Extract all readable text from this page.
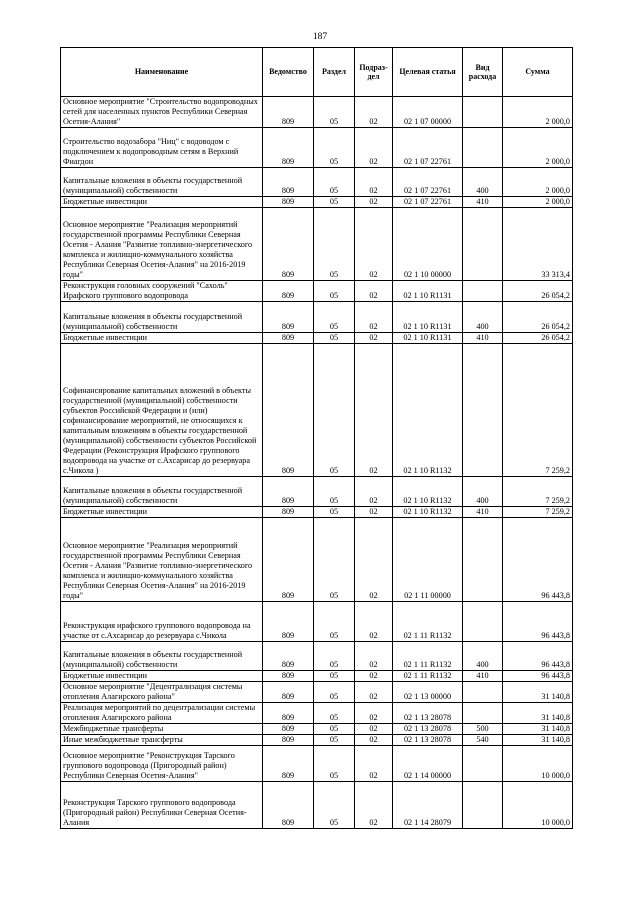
187
Наименование	Ведомство	Раздел	Подраз-дел	Целевая статья	Вид расхода	Сумма
Основное мероприятие "Строительство водопроводных сетей для населенных пунктов Республики Северная Осетия-Алания"	809	05	02	02 1 07 00000		2 000,0
Строительство водозабора "Ниц" с водоводом с подключением к водопроводным сетям в Верхний Фиагдон	809	05	02	02 1 07 22761		2 000,0
Капитальные вложения в объекты государственной (муниципальной) собственности	809	05	02	02 1 07 22761	400	2 000,0
Бюджетные инвестиции	809	05	02	02 1 07 22761	410	2 000,0
Основное мероприятие "Реализация мероприятий государственной программы Республики Северная Осетия - Алания "Развитие топливно-энергетического комплекса и жилищно-коммунального хозяйства Республики Северная Осетия-Алания" на 2016-2019 годы"	809	05	02	02 1 10 00000		33 313,4
Реконструкция головных сооружений "Сахоль" Ирафского группового водопровода	809	05	02	02 1 10 R1131		26 054,2
Капитальные вложения в объекты государственной (муниципальной) собственности	809	05	02	02 1 10 R1131	400	26 054,2
Бюджетные инвестиции	809	05	02	02 1 10 R1131	410	26 054,2
Софинансирование капитальных вложений в объекты государственной (муниципальной) собственности субъектов Российской Федерации и (или) софинансирование мероприятий, не относящихся к капитальным вложениям в объекты государственной (муниципальной) собственности субъектов Российской Федерации (Реконструкция Ирафского группового водопровода на участке от с.Ахсарисар до резервуара с.Чикола )	809	05	02	02 1 10 R1132		7 259,2
Капитальные вложения в объекты государственной (муниципальной) собственности	809	05	02	02 1 10 R1132	400	7 259,2
Бюджетные инвестиции	809	05	02	02 1 10 R1132	410	7 259,2
Основное мероприятие "Реализация мероприятий государственной программы Республики Северная Осетия - Алания "Развитие топливно-энергетического комплекса и жилищно-коммунального хозяйства Республики Северная Осетия-Алания" на 2016-2019 годы"	809	05	02	02 1 11 00000		96 443,8
Реконструкция ирафского группового водопровода на участке от с.Ахсарисар до резервуара с.Чикола	809	05	02	02 1 11 R1132		96 443,8
Капитальные вложения в объекты государственной (муниципальной) собственности	809	05	02	02 1 11 R1132	400	96 443,8
Бюджетные инвестиции	809	05	02	02 1 11 R1132	410	96 443,8
Основное мероприятие "Децентрализация системы отопления Алагирского района"	809	05	02	02 1 13 00000		31 140,8
Реализация мероприятий по децентрализации системы отопления Алагирского района	809	05	02	02 1 13 28078		31 140,8
Межбюджетные трансферты	809	05	02	02 1 13 28078	500	31 140,8
Иные межбюджетные трансферты	809	05	02	02 1 13 28078	540	31 140,8
Основное мероприятие "Реконструкция Тарского группового водопровода (Пригородный район) Республики Северная Осетия-Алания"	809	05	02	02 1 14 00000		10 000,0
Реконструкция Тарского группового водопровода (Пригородный район) Республики Северная Осетия-Алания	809	05	02	02 1 14 28079		10 000,0
